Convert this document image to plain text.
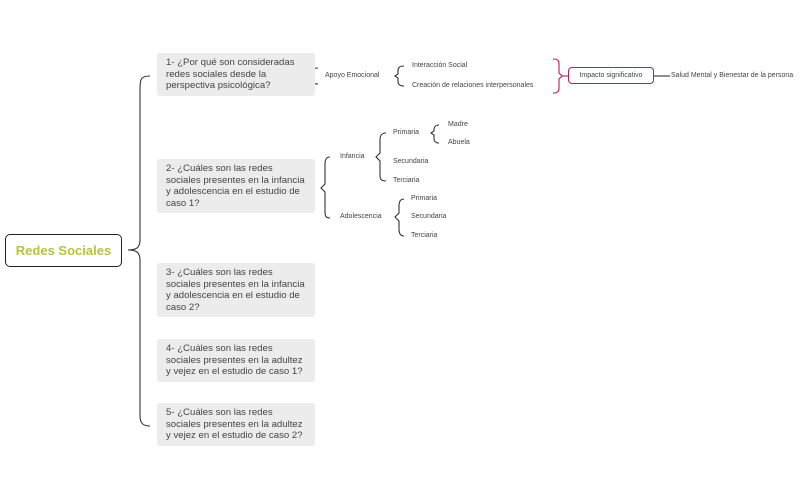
Redes Sociales
1- ¿Por qué son consideradas redes sociales desde la perspectiva psicológica?
2- ¿Cuáles son las redes sociales presentes en la infancia y adolescencia en el estudio de caso 1?
3- ¿Cuáles son las redes sociales presentes en la infancia y adolescencia en el estudio de caso 2?
4- ¿Cuáles son las redes sociales presentes en la adultez y vejez en el estudio de caso 1?
5- ¿Cuáles son las redes sociales presentes en la adultez y vejez en el estudio de caso 2?
Apoyo Emocional
Interacción Social
Creación de relaciones interpersonales
Impacto significativo	Salud Mental y Bienestar de la persona
Infancia
Primaria
Madre
Abuela
Secundaria
Terciaria
Adolescencia
Primaria
Secundaria
Terciaria
